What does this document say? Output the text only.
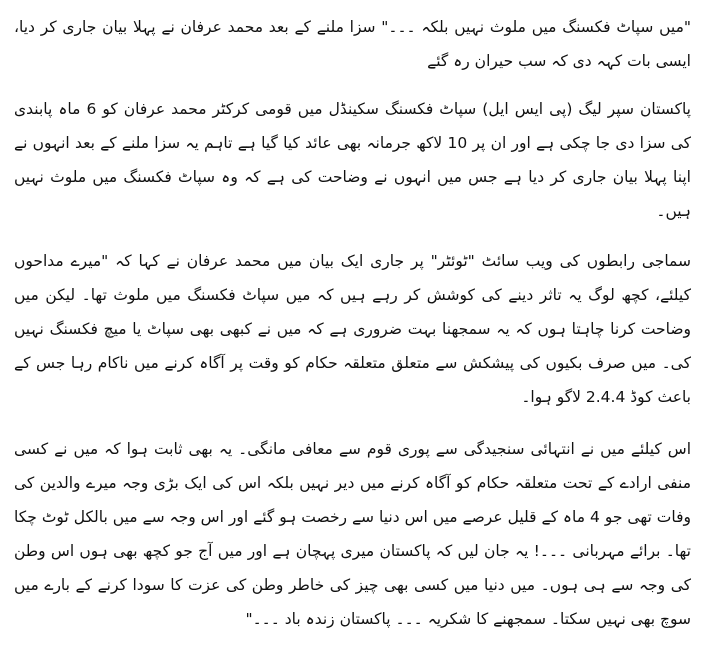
"میں سپاٹ فکسنگ میں ملوث نہیں بلکہ ۔۔۔" سزا ملنے کے بعد محمد عرفان نے پہلا بیان جاری کر دیا، ایسی بات کہہ دی کہ سب حیران رہ گئے

پاکستان سپر لیگ (پی ایس ایل) سپاٹ فکسنگ سکینڈل میں قومی کرکٹر محمد عرفان کو 6 ماہ پابندی کی سزا دی جا چکی ہے اور ان پر 10 لاکھ جرمانہ بھی عائد کیا گیا ہے تاہم یہ سزا ملنے کے بعد انہوں نے اپنا پہلا بیان جاری کر دیا ہے جس میں انہوں نے وضاحت کی ہے کہ وہ سپاٹ فکسنگ میں ملوث نہیں ہیں۔

سماجی رابطوں کی ویب سائٹ "ٹوئٹر" پر جاری ایک بیان میں محمد عرفان نے کہا کہ "میرے مداحوں کیلئے، کچھ لوگ یہ تاثر دینے کی کوشش کر رہے ہیں کہ میں سپاٹ فکسنگ میں ملوث تھا۔ لیکن میں وضاحت کرنا چاہتا ہوں کہ یہ سمجھنا بہت ضروری ہے کہ میں نے کبھی بھی سپاٹ یا میچ فکسنگ نہیں کی۔ میں صرف بکیوں کی پیشکش سے متعلق متعلقہ حکام کو وقت پر آگاہ کرنے میں ناکام رہا جس کے باعث کوڈ 2.4.4 لاگو ہوا۔

اس کیلئے میں نے انتہائی سنجیدگی سے پوری قوم سے معافی مانگی۔ یہ بھی ثابت ہوا کہ میں نے کسی منفی ارادے کے تحت متعلقہ حکام کو آگاہ کرنے میں دیر نہیں بلکہ اس کی ایک بڑی وجہ میرے والدین کی وفات تھی جو 4 ماہ کے قلیل عرصے میں اس دنیا سے رخصت ہو گئے اور اس وجہ سے میں بالکل ٹوٹ چکا تھا۔ برائے مہربانی ۔۔۔! یہ جان لیں کہ پاکستان میری پہچان ہے اور میں آج جو کچھ بھی ہوں اس وطن کی وجہ سے ہی ہوں۔ میں دنیا میں کسی بھی چیز کی خاطر وطن کی عزت کا سودا کرنے کے بارے میں سوچ بھی نہیں سکتا۔ سمجھنے کا شکریہ ۔۔۔ پاکستان زندہ باد ۔۔۔"
